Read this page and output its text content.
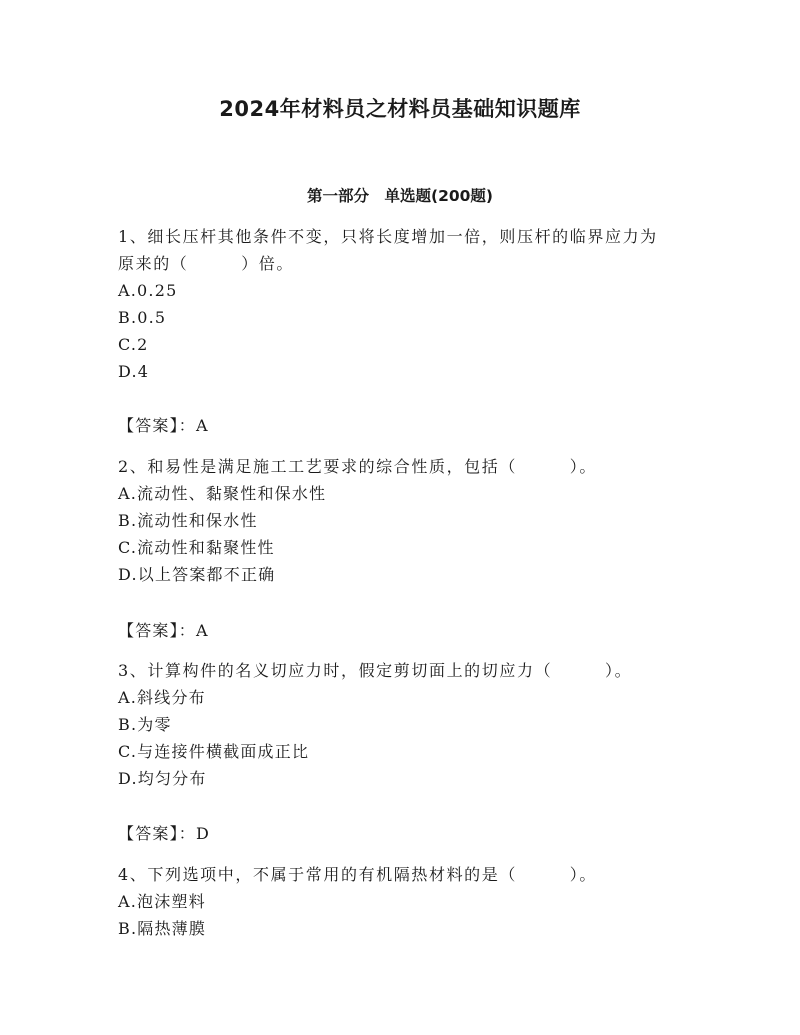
2024年材料员之材料员基础知识题库
第一部分　单选题(200题)
1、细长压杆其他条件不变，只将长度增加一倍，则压杆的临界应力为
原来的（　　　）倍。
A.0.25
B.0.5
C.2
D.4
【答案】：A
2、和易性是满足施工工艺要求的综合性质，包括（　　　）。
A.流动性、黏聚性和保水性
B.流动性和保水性
C.流动性和黏聚性性
D.以上答案都不正确
【答案】：A
3、计算构件的名义切应力时，假定剪切面上的切应力（　　　）。
A.斜线分布
B.为零
C.与连接件横截面成正比
D.均匀分布
【答案】：D
4、下列选项中，不属于常用的有机隔热材料的是（　　　）。
A.泡沫塑料
B.隔热薄膜
